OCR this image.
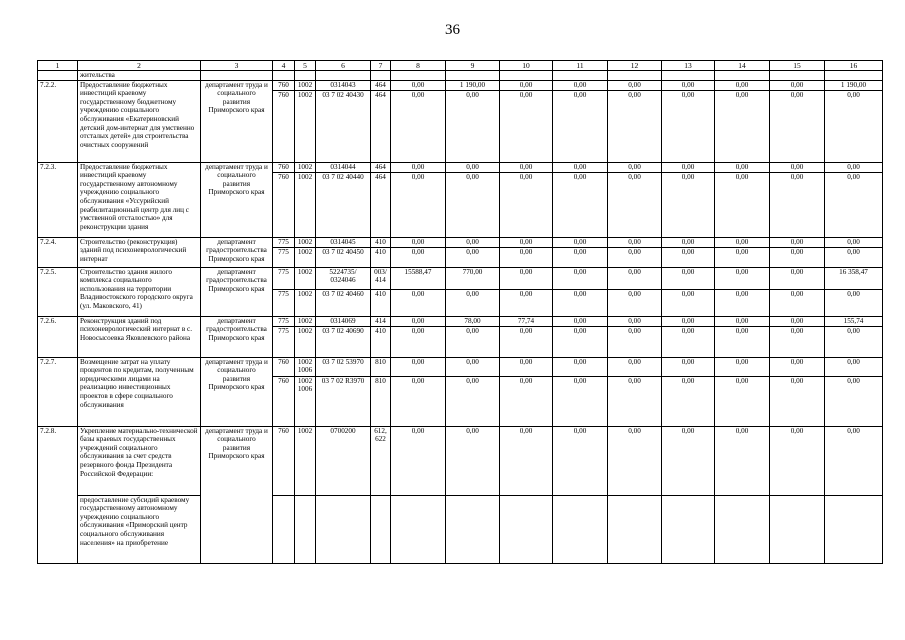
36
1	2	3	4	5	6	7	8	9	10	11	12	13	14	15	16
	жительства														
7.2.2.	Предоставление бюджетных инвестиций краевому государственному бюджетному учреждению социального обслуживания «Екатериновский детский дом-интернат для умственно отсталых детей» для строительства очистных сооружений	департамент труда и социального развития Приморского края	760	1002	0314043	464	0,00	1 190,00	0,00	0,00	0,00	0,00	0,00	0,00	1 190,00
			760	1002	03 7 02 40430	464	0,00	0,00	0,00	0,00	0,00	0,00	0,00	0,00	0,00
7.2.3.	Предоставление бюджетных инвестиций краевому государственному автономному учреждению социального обслуживания «Уссурийский реабилитационный центр для лиц с умственной отсталостью» для реконструкции здания	департамент труда и социального развития Приморского края	760	1002	0314044	464	0,00	0,00	0,00	0,00	0,00	0,00	0,00	0,00	0,00
			760	1002	03 7 02 40440	464	0,00	0,00	0,00	0,00	0,00	0,00	0,00	0,00	0,00
7.2.4.	Строительство (реконструкция) зданий под психоневрологический интернат	департамент градостроительства Приморского края	775	1002	0314045	410	0,00	0,00	0,00	0,00	0,00	0,00	0,00	0,00	0,00
			775	1002	03 7 02 40450	410	0,00	0,00	0,00	0,00	0,00	0,00	0,00	0,00	0,00
7.2.5.	Строительство здания жилого комплекса социального использования на территории Владивостокского городского округа (ул. Маковского, 41)	департамент градостроительства Приморского края	775	1002	5224735/ 0324046	003/ 414	15588,47	770,00	0,00	0,00	0,00	0,00	0,00	0,00	16 358,47
			775	1002	03 7 02 40460	410	0,00	0,00	0,00	0,00	0,00	0,00	0,00	0,00	0,00
7.2.6.	Реконструкция зданий под психоневрологический интернат в с. Новосысоевка Яковлевского района	департамент градостроительства Приморского края	775	1002	0314069	414	0,00	78,00	77,74	0,00	0,00	0,00	0,00	0,00	155,74
			775	1002	03 7 02 40690	410	0,00	0,00	0,00	0,00	0,00	0,00	0,00	0,00	0,00
7.2.7.	Возмещение затрат на уплату процентов по кредитам, полученным юридическими лицами на реализацию инвестиционных проектов в сфере социального обслуживания	департамент труда и социального развития Приморского края	760	1002 1006	03 7 02 53970	810	0,00	0,00	0,00	0,00	0,00	0,00	0,00	0,00	0,00
			760	1002 1006	03 7 02 R3970	810	0,00	0,00	0,00	0,00	0,00	0,00	0,00	0,00	0,00
7.2.8.	Укрепление материально-технической базы краевых государственных учреждений социального обслуживания за счет средств резервного фонда Президента Российской Федерации:	департамент труда и социального развития Приморского края	760	1002	0700200	612, 622	0,00	0,00	0,00	0,00	0,00	0,00	0,00	0,00	0,00
	предоставление субсидий краевому государственному автономному учреждению социального обслуживания «Приморский центр социального обслуживания населения» на приобретение														
